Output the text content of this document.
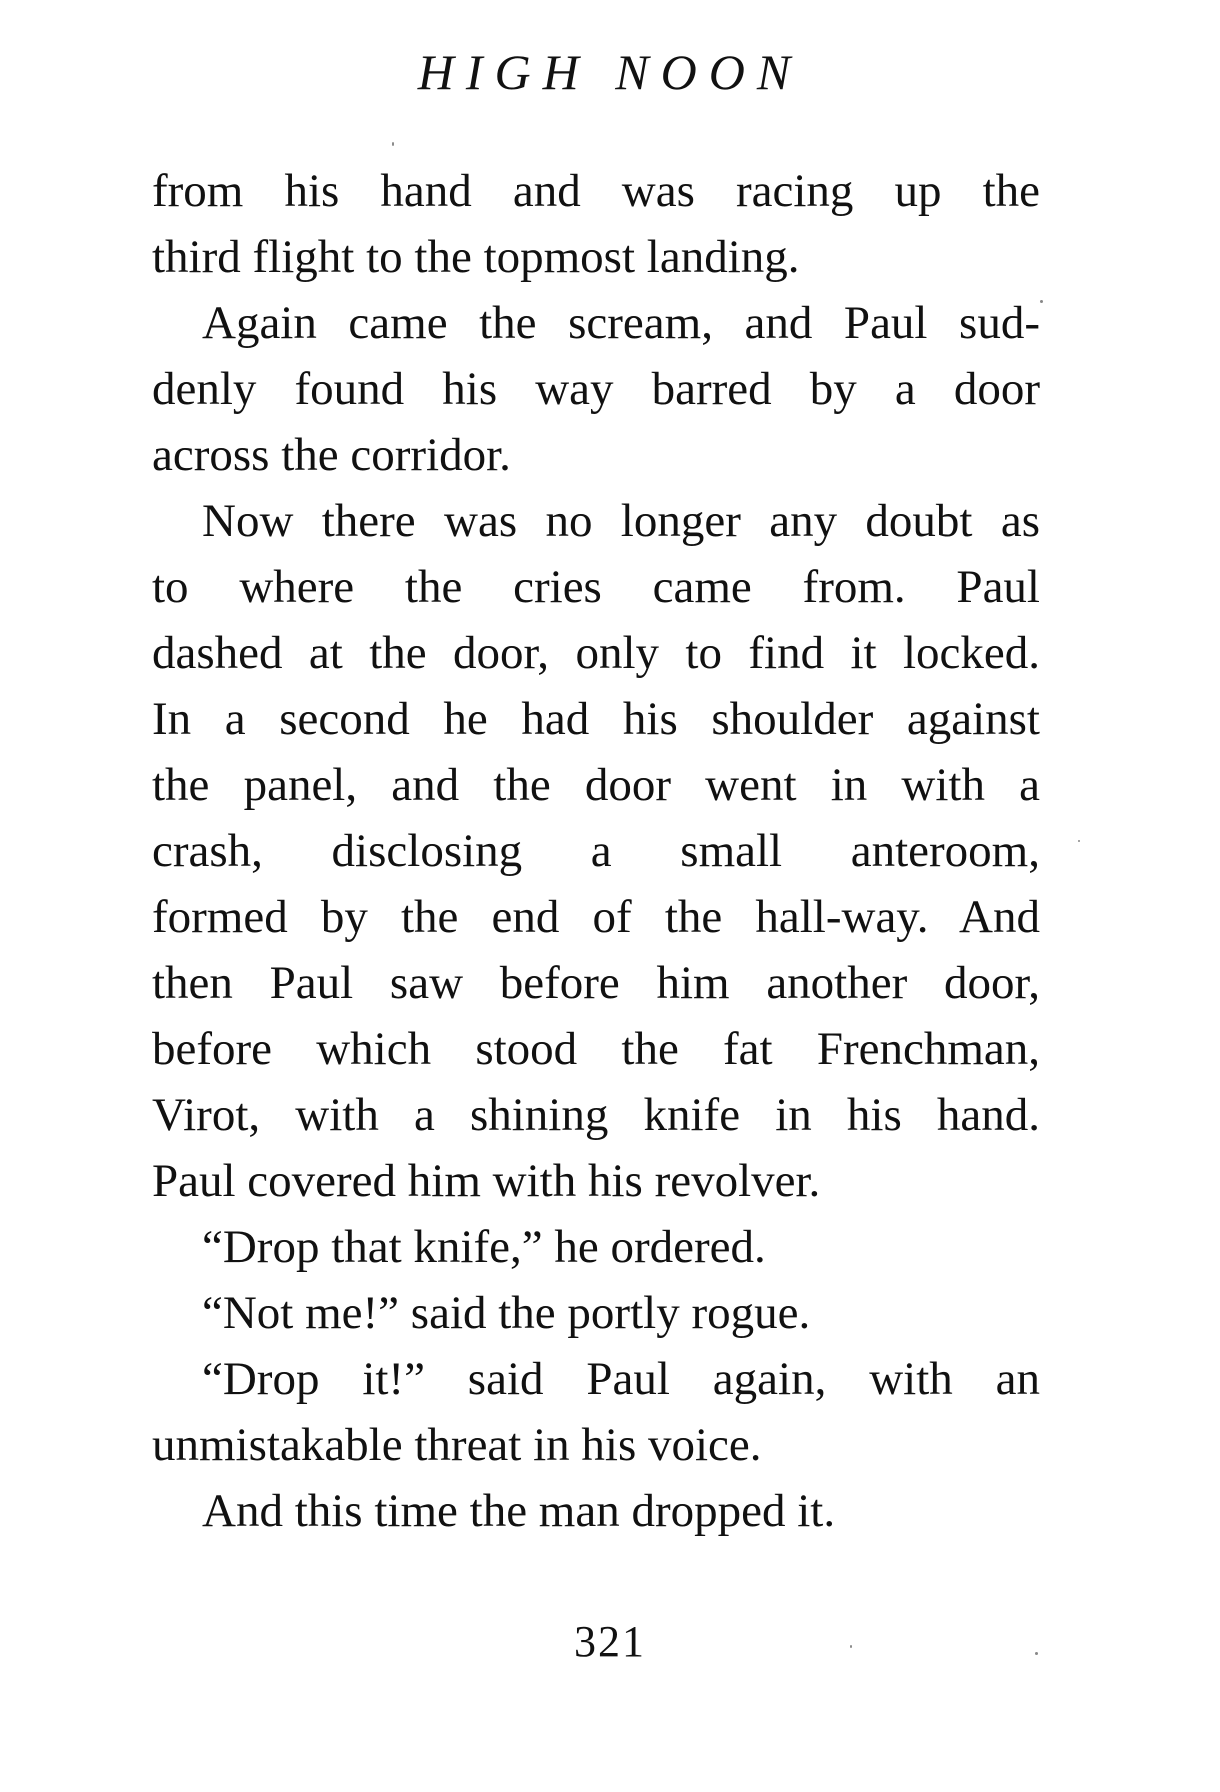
HIGH NOON
from his hand and was racing up the
third flight to the topmost landing.
Again came the scream, and Paul sud-
denly found his way barred by a door
across the corridor.
Now there was no longer any doubt as
to where the cries came from. Paul
dashed at the door, only to find it locked.
In a second he had his shoulder against
the panel, and the door went in with a
crash, disclosing a small anteroom,
formed by the end of the hall-way. And
then Paul saw before him another door,
before which stood the fat Frenchman,
Virot, with a shining knife in his hand.
Paul covered him with his revolver.
“Drop that knife,” he ordered.
“Not me!” said the portly rogue.
“Drop it!” said Paul again, with an
unmistakable threat in his voice.
And this time the man dropped it.
321
